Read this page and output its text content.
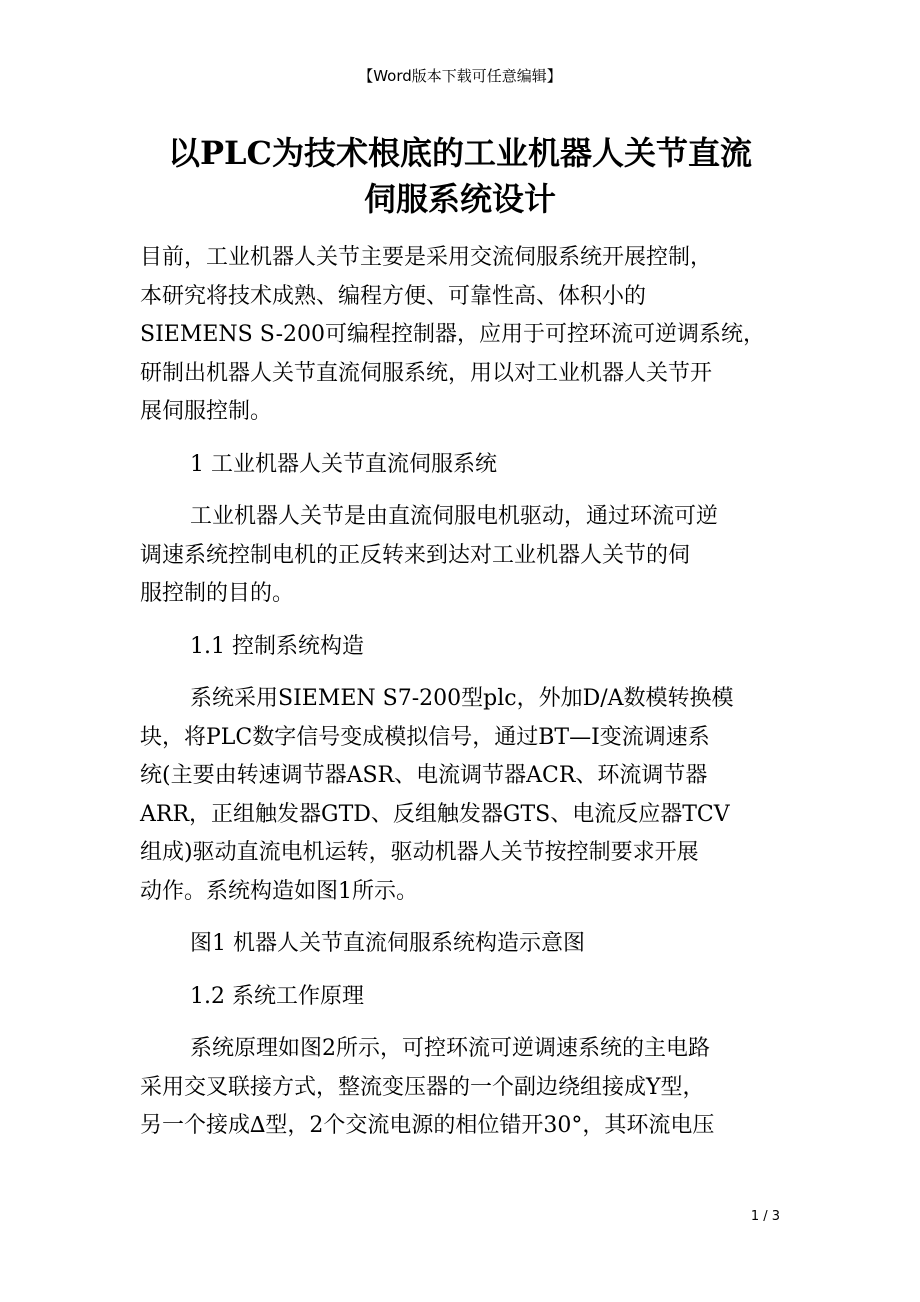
【Word版本下载可任意编辑】
以PLC为技术根底的工业机器人关节直流
伺服系统设计
目前，工业机器人关节主要是采用交流伺服系统开展控制，
本研究将技术成熟、编程方便、可靠性高、体积小的
SIEMENS S-200可编程控制器，应用于可控环流可逆调系统，
研制出机器人关节直流伺服系统，用以对工业机器人关节开
展伺服控制。
1 工业机器人关节直流伺服系统
工业机器人关节是由直流伺服电机驱动，通过环流可逆
调速系统控制电机的正反转来到达对工业机器人关节的伺
服控制的目的。
1.1 控制系统构造
系统采用SIEMEN S7-200型plc，外加D/A数模转换模
块，将PLC数字信号变成模拟信号，通过BT—I变流调速系
统(主要由转速调节器ASR、电流调节器ACR、环流调节器
ARR，正组触发器GTD、反组触发器GTS、电流反应器TCV
组成)驱动直流电机运转，驱动机器人关节按控制要求开展
动作。系统构造如图1所示。
图1 机器人关节直流伺服系统构造示意图
1.2 系统工作原理
系统原理如图2所示，可控环流可逆调速系统的主电路
采用交叉联接方式，整流变压器的一个副边绕组接成Y型，
另一个接成∆型，2个交流电源的相位错开30°，其环流电压
1 / 3
